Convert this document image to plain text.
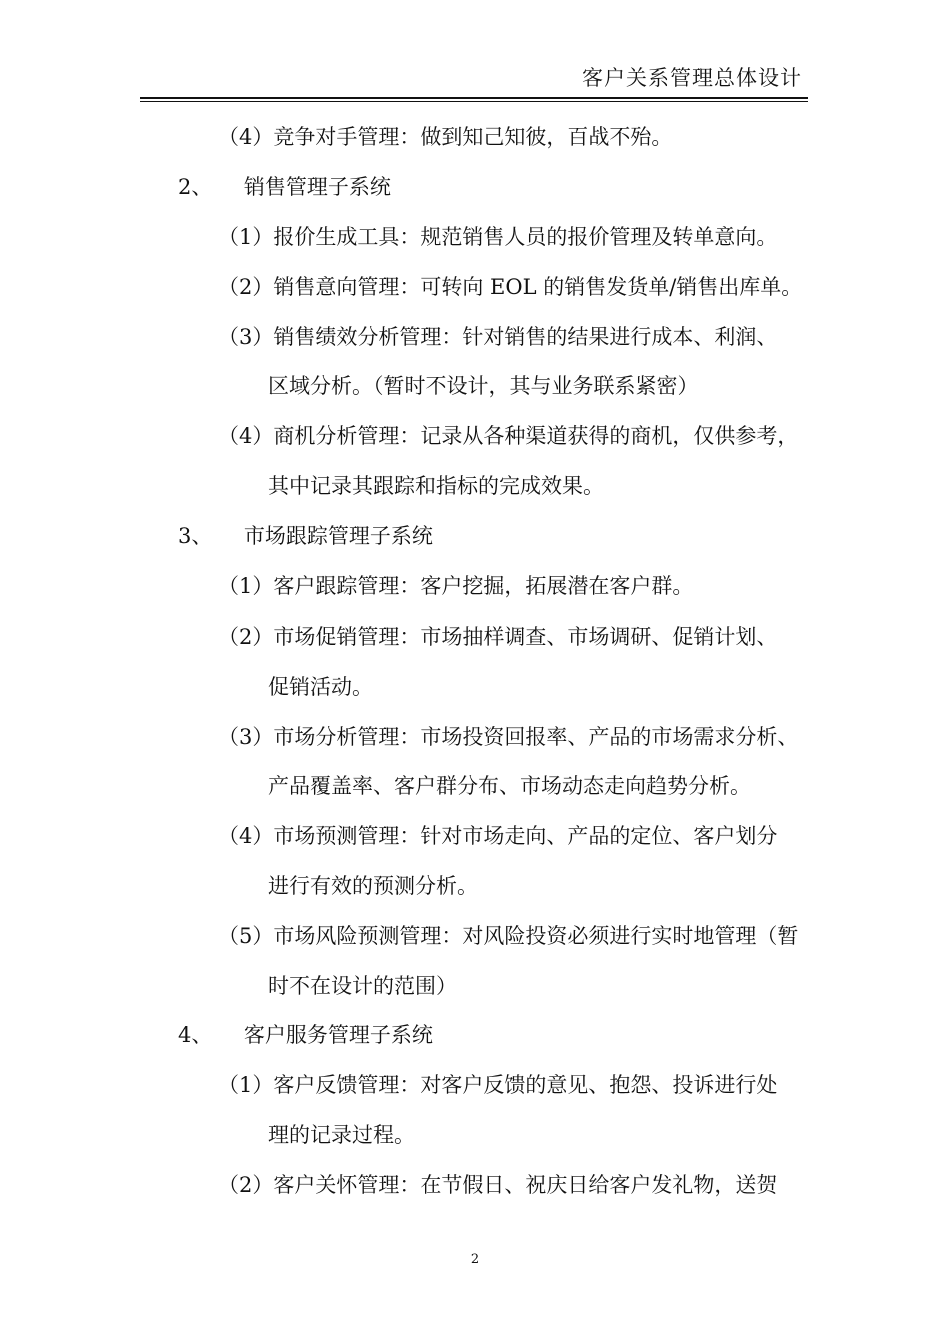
客户关系管理总体设计
（4）竞争对手管理：做到知己知彼，百战不殆。
2、　　销售管理子系统
（1）报价生成工具：规范销售人员的报价管理及转单意向。
（2）销售意向管理：可转向 EOL 的销售发货单/销售出库单。
（3）销售绩效分析管理：针对销售的结果进行成本、利润、
区域分析。（暂时不设计，其与业务联系紧密）
（4）商机分析管理：记录从各种渠道获得的商机，仅供参考，
其中记录其跟踪和指标的完成效果。
3、　　市场跟踪管理子系统
（1）客户跟踪管理：客户挖掘，拓展潜在客户群。
（2）市场促销管理：市场抽样调查、市场调研、促销计划、
促销活动。
（3）市场分析管理：市场投资回报率、产品的市场需求分析、
产品覆盖率、客户群分布、市场动态走向趋势分析。
（4）市场预测管理：针对市场走向、产品的定位、客户划分
进行有效的预测分析。
（5）市场风险预测管理：对风险投资必须进行实时地管理（暂
时不在设计的范围）
4、　　客户服务管理子系统
（1）客户反馈管理：对客户反馈的意见、抱怨、投诉进行处
理的记录过程。
（2）客户关怀管理：在节假日、祝庆日给客户发礼物，送贺
2
